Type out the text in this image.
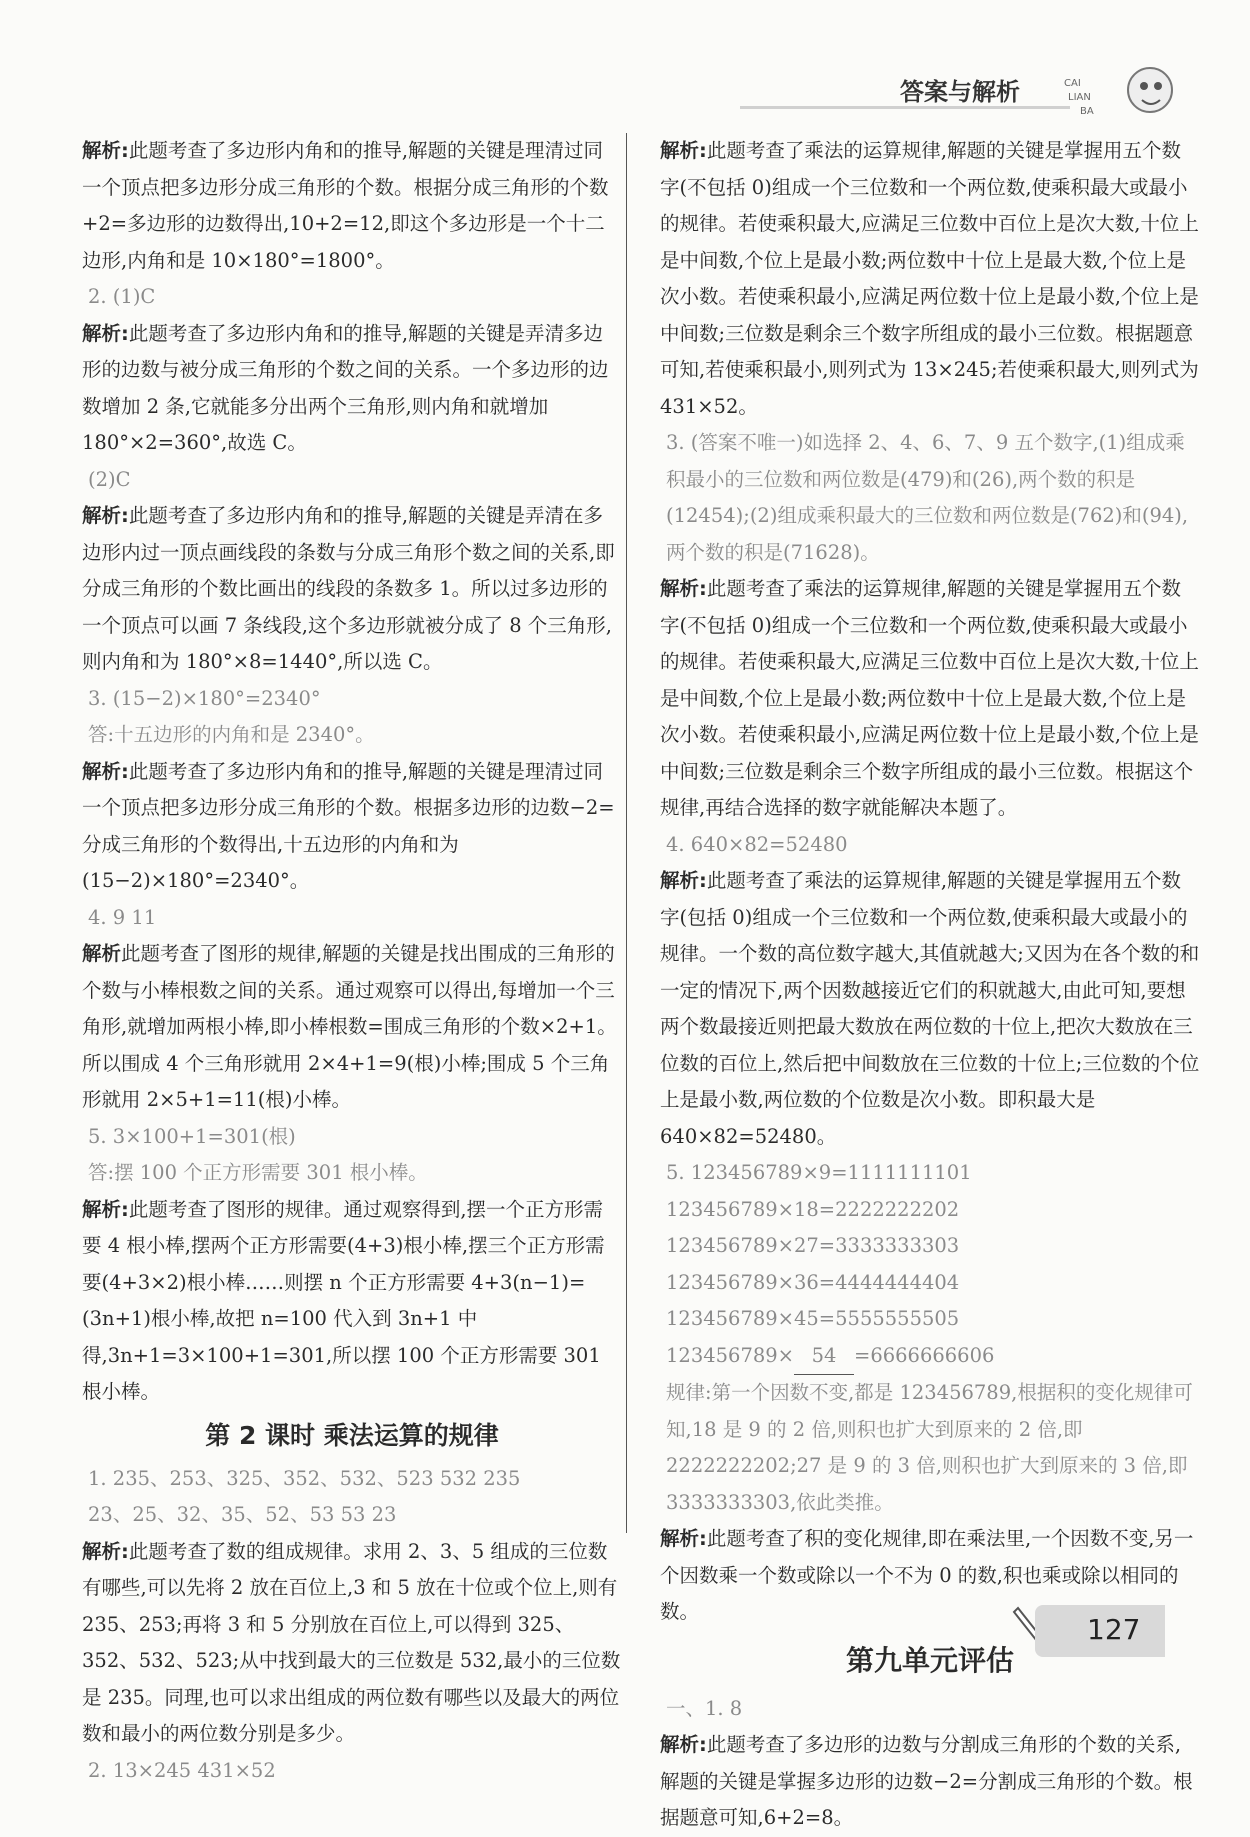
答案与解析	CAI
LIAN
BA

解析:此题考查了多边形内角和的推导,解题的关键是理清过同一个顶点把多边形分成三角形的个数。根据分成三角形的个数+2=多边形的边数得出,10+2=12,即这个多边形是一个十二边形,内角和是 10×180°=1800°。

2. (1)C

解析:此题考查了多边形内角和的推导,解题的关键是弄清多边形的边数与被分成三角形的个数之间的关系。一个多边形的边数增加 2 条,它就能多分出两个三角形,则内角和就增加 180°×2=360°,故选 C。

(2)C

解析:此题考查了多边形内角和的推导,解题的关键是弄清在多边形内过一顶点画线段的条数与分成三角形个数之间的关系,即分成三角形的个数比画出的线段的条数多 1。所以过多边形的一个顶点可以画 7 条线段,这个多边形就被分成了 8 个三角形,则内角和为 180°×8=1440°,所以选 C。

3. (15−2)×180°=2340°

答:十五边形的内角和是 2340°。

解析:此题考查了多边形内角和的推导,解题的关键是理清过同一个顶点把多边形分成三角形的个数。根据多边形的边数−2=分成三角形的个数得出,十五边形的内角和为(15−2)×180°=2340°。

4. 9 11

解析此题考查了图形的规律,解题的关键是找出围成的三角形的个数与小棒根数之间的关系。通过观察可以得出,每增加一个三角形,就增加两根小棒,即小棒根数=围成三角形的个数×2+1。所以围成 4 个三角形就用 2×4+1=9(根)小棒;围成 5 个三角形就用 2×5+1=11(根)小棒。

5. 3×100+1=301(根)

答:摆 100 个正方形需要 301 根小棒。

解析:此题考查了图形的规律。通过观察得到,摆一个正方形需要 4 根小棒,摆两个正方形需要(4+3)根小棒,摆三个正方形需要(4+3×2)根小棒……则摆 n 个正方形需要 4+3(n−1)=(3n+1)根小棒,故把 n=100 代入到 3n+1 中得,3n+1=3×100+1=301,所以摆 100 个正方形需要 301 根小棒。

第 2 课时 乘法运算的规律

1. 235、253、325、352、532、523 532 235

23、25、32、35、52、53 53 23

解析:此题考查了数的组成规律。求用 2、3、5 组成的三位数有哪些,可以先将 2 放在百位上,3 和 5 放在十位或个位上,则有 235、253;再将 3 和 5 分别放在百位上,可以得到 325、352、532、523;从中找到最大的三位数是 532,最小的三位数是 235。同理,也可以求出组成的两位数有哪些以及最大的两位数和最小的两位数分别是多少。

2. 13×245 431×52

解析:此题考查了乘法的运算规律,解题的关键是掌握用五个数字(不包括 0)组成一个三位数和一个两位数,使乘积最大或最小的规律。若使乘积最大,应满足三位数中百位上是次大数,十位上是中间数,个位上是最小数;两位数中十位上是最大数,个位上是次小数。若使乘积最小,应满足两位数十位上是最小数,个位上是中间数;三位数是剩余三个数字所组成的最小三位数。根据题意可知,若使乘积最小,则列式为 13×245;若使乘积最大,则列式为 431×52。

3. (答案不唯一)如选择 2、4、6、7、9 五个数字,(1)组成乘积最小的三位数和两位数是(479)和(26),两个数的积是(12454);(2)组成乘积最大的三位数和两位数是(762)和(94),两个数的积是(71628)。

解析:此题考查了乘法的运算规律,解题的关键是掌握用五个数字(不包括 0)组成一个三位数和一个两位数,使乘积最大或最小的规律。若使乘积最大,应满足三位数中百位上是次大数,十位上是中间数,个位上是最小数;两位数中十位上是最大数,个位上是次小数。若使乘积最小,应满足两位数十位上是最小数,个位上是中间数;三位数是剩余三个数字所组成的最小三位数。根据这个规律,再结合选择的数字就能解决本题了。

4. 640×82=52480

解析:此题考查了乘法的运算规律,解题的关键是掌握用五个数字(包括 0)组成一个三位数和一个两位数,使乘积最大或最小的规律。一个数的高位数字越大,其值就越大;又因为在各个数的和一定的情况下,两个因数越接近它们的积就越大,由此可知,要想两个数最接近则把最大数放在两位数的十位上,把次大数放在三位数的百位上,然后把中间数放在三位数的十位上;三位数的个位上是最小数,两位数的个位数是次小数。即积最大是 640×82=52480。

5. 123456789×9=1111111101

123456789×18=2222222202

123456789×27=3333333303

123456789×36=4444444404

123456789×45=5555555505

123456789× 54 =6666666606

规律:第一个因数不变,都是 123456789,根据积的变化规律可知,18 是 9 的 2 倍,则积也扩大到原来的 2 倍,即 2222222202;27 是 9 的 3 倍,则积也扩大到原来的 3 倍,即 3333333303,依此类推。

解析:此题考查了积的变化规律,即在乘法里,一个因数不变,另一个因数乘一个数或除以一个不为 0 的数,积也乘或除以相同的数。

第九单元评估

一、1. 8

解析:此题考查了多边形的边数与分割成三角形的个数的关系,解题的关键是掌握多边形的边数−2=分割成三角形的个数。根据题意可知,6+2=8。

127
